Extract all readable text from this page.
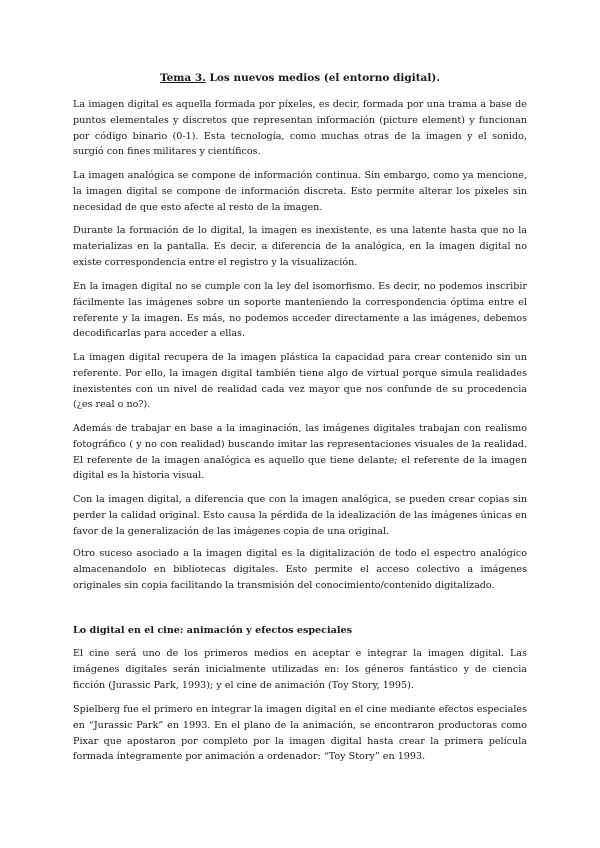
Tema 3. Los nuevos medios (el entorno digital).

La imagen digital es aquella formada por píxeles, es decir, formada por una trama a base de puntos elementales y discretos que representan información (picture element) y funcionan por código binario (0-1). Esta tecnología, como muchas otras de la imagen y el sonido, surgió con fines militares y científicos.

La imagen analógica se compone de información continua. Sin embargo, como ya mencione, la imagen digital se compone de información discreta. Esto permite alterar los píxeles sin necesidad de que esto afecte al resto de la imagen.

Durante la formación de lo digital, la imagen es inexistente, es una latente hasta que no la materializas en la pantalla. Es decir, a diferencia de la analógica, en la imagen digital no existe correspondencia entre el registro y la visualización.

En la imagen digital no se cumple con la ley del isomorfismo. Es decir, no podemos inscribir fácilmente las imágenes sobre un soporte manteniendo la correspondencia óptima entre el referente y la imagen. Es más, no podemos acceder directamente a las imágenes, debemos decodificarlas para acceder a ellas.

La imagen digital recupera de la imagen plástica la capacidad para crear contenido sin un referente. Por ello, la imagen digital también tiene algo de virtual porque simula realidades inexistentes con un nivel de realidad cada vez mayor que nos confunde de su procedencia (¿es real o no?).

Además de trabajar en base a la imaginación, las imágenes digitales trabajan con realismo fotográfico ( y no con realidad) buscando imitar las representaciones visuales de la realidad. El referente de la imagen analógica es aquello que tiene delante; el referente de la imagen digital es la historia visual.

Con la imagen digital, a diferencia que con la imagen analógica, se pueden crear copias sin perder la calidad original. Esto causa la pérdida de la idealización de las imágenes únicas en favor de la generalización de las imágenes copia de una original.

Otro suceso asociado a la imagen digital es la digitalización de todo el espectro analógico almacenandolo en bibliotecas digitales. Esto permite el acceso colectivo a imágenes originales sin copia facilitando la transmisión del conocimiento/contenido digitalizado.

Lo digital en el cine: animación y efectos especiales

El cine será uno de los primeros medios en aceptar e integrar la imagen digital. Las imágenes digitales serán inicialmente utilizadas en: los géneros fantástico y de ciencia ficción (Jurassic Park, 1993); y el cine de animación (Toy Story, 1995).

Spielberg fue el primero en integrar la imagen digital en el cine mediante efectos especiales en “Jurassic Park” en 1993. En el plano de la animación, se encontraron productoras como Pixar que apostaron por completo por la imagen digital hasta crear la primera película formada íntegramente por animación a ordenador: “Toy Story” en 1993.
